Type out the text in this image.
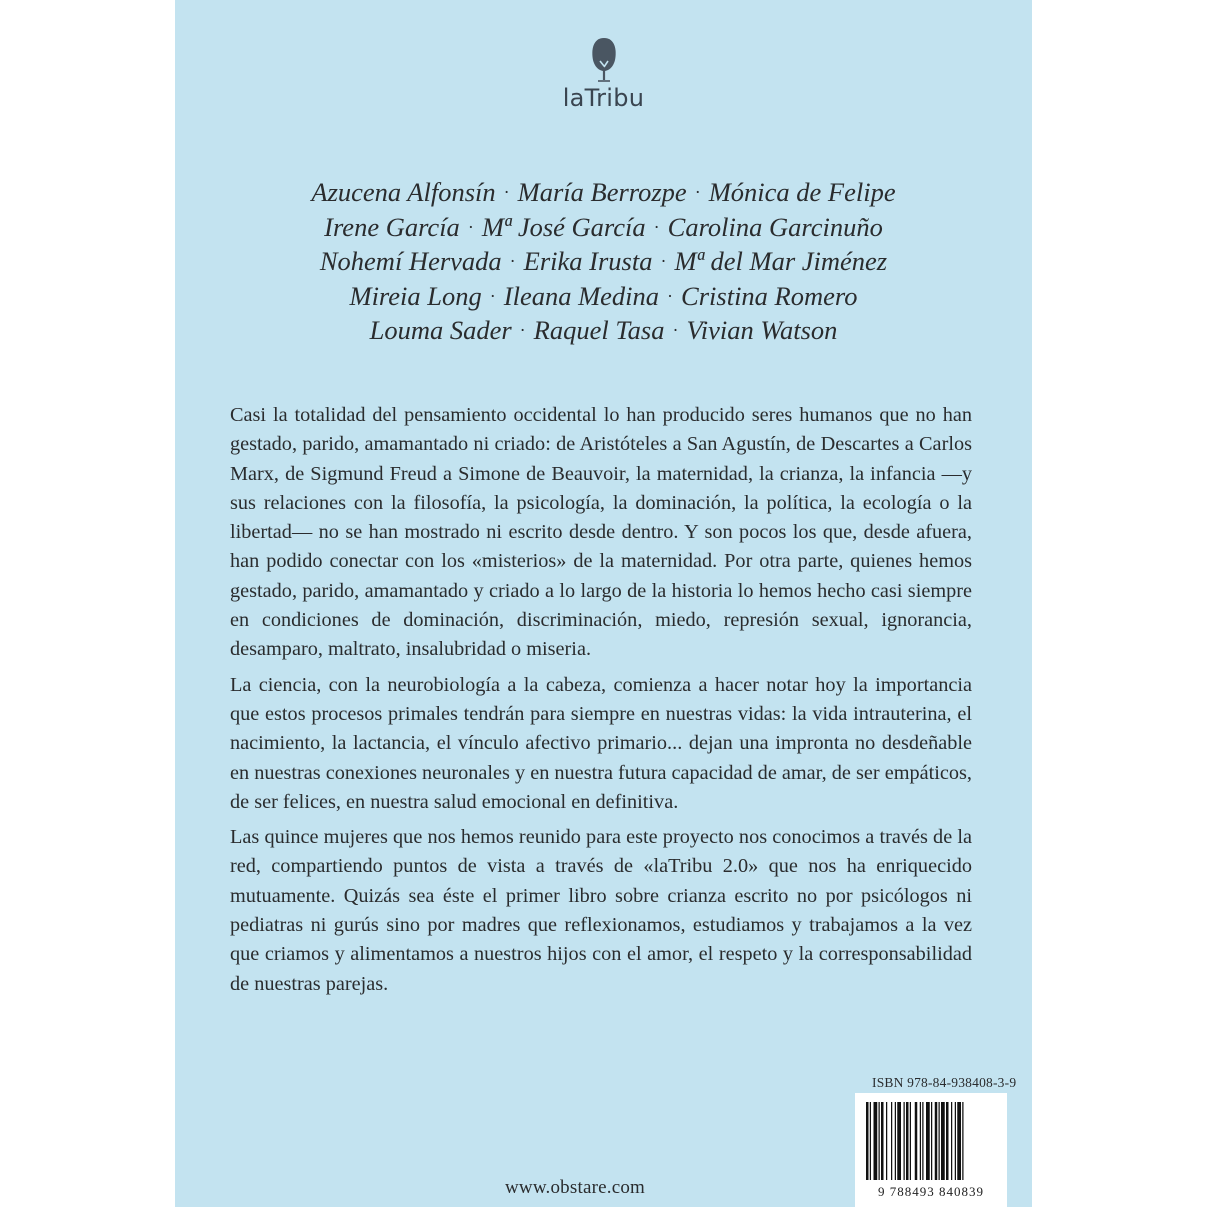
laTribu
Azucena Alfonsín · María Berrozpe · Mónica de Felipe
Irene García · Mª José García · Carolina Garcinuño
Nohemí Hervada · Erika Irusta · Mª del Mar Jiménez
Mireia Long · Ileana Medina · Cristina Romero
Louma Sader · Raquel Tasa · Vivian Watson

Casi la totalidad del pensamiento occidental lo han producido seres humanos que no han gestado, parido, amamantado ni criado: de Aristóteles a San Agustín, de Descartes a Carlos Marx, de Sigmund Freud a Simone de Beauvoir, la maternidad, la crianza, la infancia —y sus relaciones con la filosofía, la psicología, la dominación, la política, la ecología o la libertad— no se han mostrado ni escrito desde dentro. Y son pocos los que, desde afuera, han podido conectar con los «misterios» de la maternidad. Por otra parte, quienes hemos gestado, parido, amamantado y criado a lo largo de la historia lo hemos hecho casi siempre en condiciones de dominación, discriminación, miedo, represión sexual, ignorancia, desamparo, maltrato, insalubridad o miseria.

La ciencia, con la neurobiología a la cabeza, comienza a hacer notar hoy la importancia que estos procesos primales tendrán para siempre en nuestras vidas: la vida intrauterina, el nacimiento, la lactancia, el vínculo afectivo primario... dejan una impronta no desdeñable en nuestras conexiones neuronales y en nuestra futura capacidad de amar, de ser empáticos, de ser felices, en nuestra salud emocional en definitiva.

Las quince mujeres que nos hemos reunido para este proyecto nos conocimos a través de la red, compartiendo puntos de vista a través de «laTribu 2.0» que nos ha enriquecido mutuamente. Quizás sea éste el primer libro sobre crianza escrito no por psicólogos ni pediatras ni gurús sino por madres que reflexionamos, estudiamos y trabajamos a la vez que criamos y alimentamos a nuestros hijos con el amor, el respeto y la corresponsabilidad de nuestras parejas.

ISBN 978-84-938408-3-9
9 788493 840839
www.obstare.com
